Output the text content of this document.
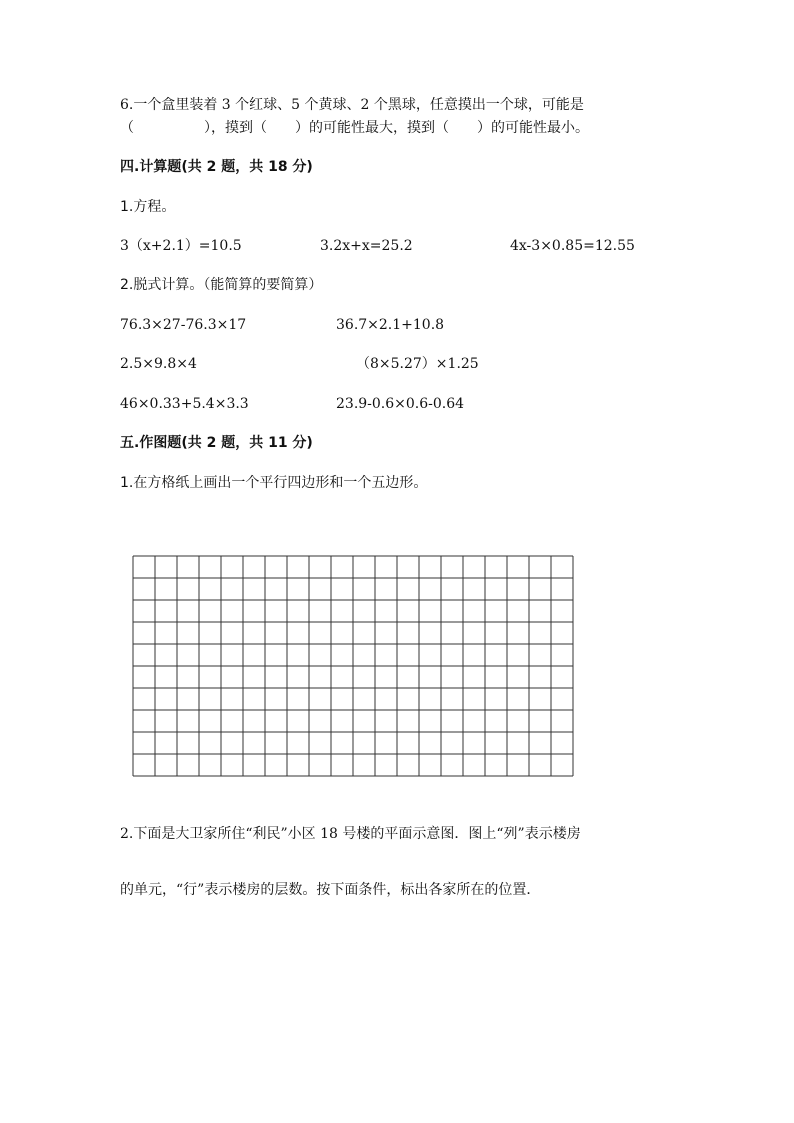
6.一个盒里装着 3 个红球、5 个黄球、2 个黑球，任意摸出一个球，可能是
（　　　　　），摸到（　　）的可能性最大，摸到（　　）的可能性最小。
四.计算题(共 2 题，共 18 分)
1.方程。
3（x+2.1）=10.5	3.2x+x=25.2	4x-3×0.85=12.55
2.脱式计算。（能简算的要简算）
76.3×27-76.3×17	36.7×2.1+10.8
2.5×9.8×4	（8×5.27）×1.25
46×0.33+5.4×3.3	23.9-0.6×0.6-0.64
五.作图题(共 2 题，共 11 分)
1.在方格纸上画出一个平行四边形和一个五边形。
2.下面是大卫家所住“利民”小区 18 号楼的平面示意图．图上“列”表示楼房
的单元，“行”表示楼房的层数。按下面条件，标出各家所在的位置．
